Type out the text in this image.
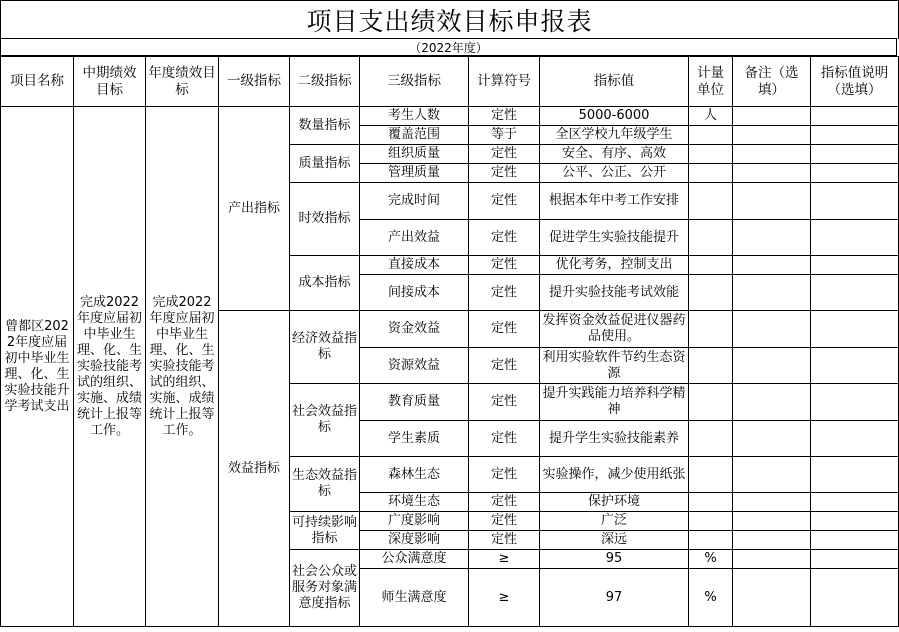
项目支出绩效目标申报表
（2022年度）
项目名称	中期绩效目标	年度绩效目标	一级指标	二级指标	三级指标	计算符号	指标值	计量单位	备注（选填）	指标值说明（选填）
曾都区2022年度应届初中毕业生理、化、生实验技能升学考试支出	完成2022年度应届初中毕业生理、化、生实验技能考试的组织、实施、成绩统计上报等工作。	完成2022年度应届初中毕业生理、化、生实验技能考试的组织、实施、成绩统计上报等工作。	产出指标	数量指标	考生人数	定性	5000-6000	人		
					覆盖范围	等于	全区学校九年级学生			
				质量指标	组织质量	定性	安全、有序、高效			
					管理质量	定性	公平、公正、公开			
				时效指标	完成时间	定性	根据本年中考工作安排			
					产出效益	定性	促进学生实验技能提升			
				成本指标	直接成本	定性	优化考务，控制支出			
					间接成本	定性	提升实验技能考试效能			
			效益指标	经济效益指标	资金效益	定性	发挥资金效益促进仪器药品使用。			
					资源效益	定性	利用实验软件节约生态资源			
				社会效益指标	教育质量	定性	提升实践能力培养科学精神			
					学生素质	定性	提升学生实验技能素养			
				生态效益指标	森林生态	定性	实验操作，减少使用纸张			
					环境生态	定性	保护环境			
				可持续影响指标	广度影响	定性	广泛			
					深度影响	定性	深远			
				社会公众或服务对象满意度指标	公众满意度	≥	95	%		
					师生满意度	≥	97	%		
